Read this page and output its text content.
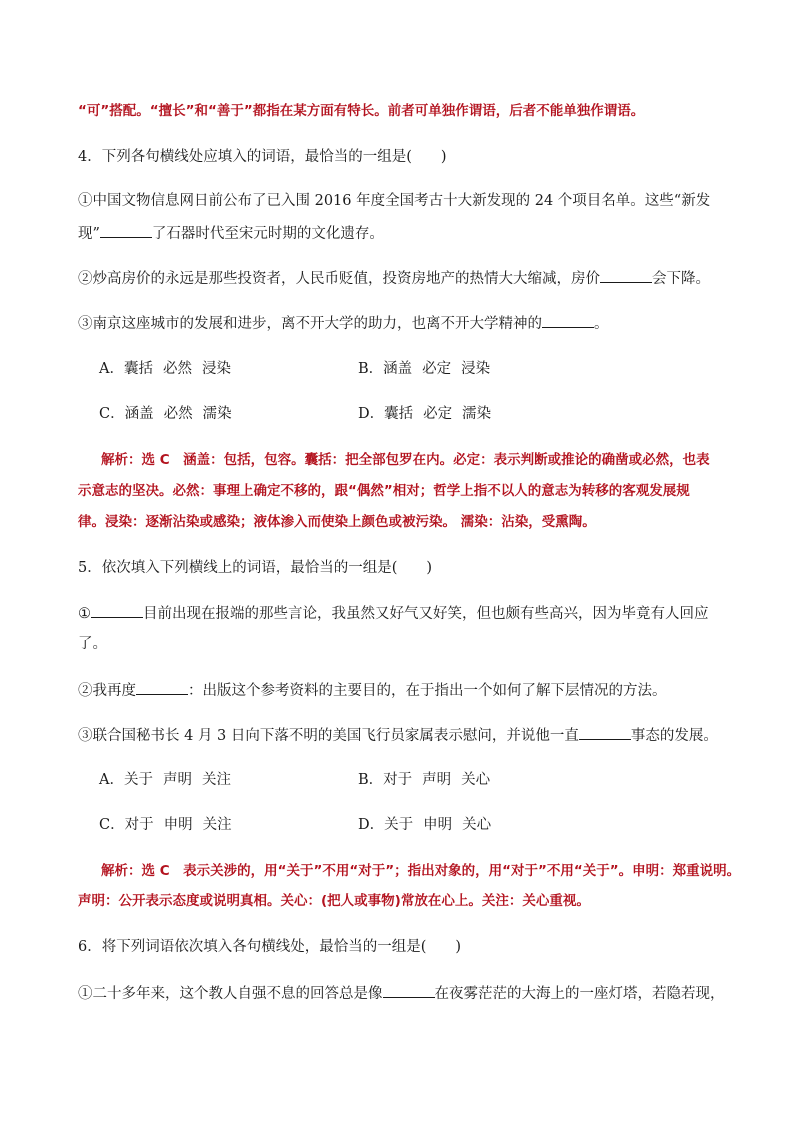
“可”搭配。“擅长”和“善于”都指在某方面有特长。前者可单独作谓语，后者不能单独作谓语。
4．下列各句横线处应填入的词语，最恰当的一组是(　　)
①中国文物信息网日前公布了已入围 2016 年度全国考古十大新发现的 24 个项目名单。这些“新发
现”	了石器时代至宋元时期的文化遗存。
②炒高房价的永远是那些投资者，人民币贬值，投资房地产的热情大大缩减，房价	会下降。
③南京这座城市的发展和进步，离不开大学的助力，也离不开大学精神的	。
A．囊括 必然 浸染	B．涵盖 必定 浸染
C．涵盖 必然 濡染	D．囊括 必定 濡染
解析：选 C　涵盖：包括，包容。囊括：把全部包罗在内。必定：表示判断或推论的确凿或必然，也表
示意志的坚决。必然：事理上确定不移的，跟“偶然”相对；哲学上指不以人的意志为转移的客观发展规
律。浸染：逐渐沾染或感染；液体渗入而使染上颜色或被污染。 濡染：沾染，受熏陶。
5．依次填入下列横线上的词语，最恰当的一组是(　　)
①	目前出现在报端的那些言论，我虽然又好气又好笑，但也颇有些高兴，因为毕竟有人回应
了。
②我再度	：出版这个参考资料的主要目的，在于指出一个如何了解下层情况的方法。
③联合国秘书长 4 月 3 日向下落不明的美国飞行员家属表示慰问，并说他一直	事态的发展。
A．关于 声明 关注	B．对于 声明 关心
C．对于 申明 关注	D．关于 申明 关心
解析：选 C　表示关涉的，用“关于”不用“对于”；指出对象的，用“对于”不用“关于”。申明：郑重说明。
声明：公开表示态度或说明真相。关心：(把人或事物)常放在心上。关注：关心重视。
6．将下列词语依次填入各句横线处，最恰当的一组是(　　)
①二十多年来，这个教人自强不息的回答总是像	在夜雾茫茫的大海上的一座灯塔，若隐若现，
